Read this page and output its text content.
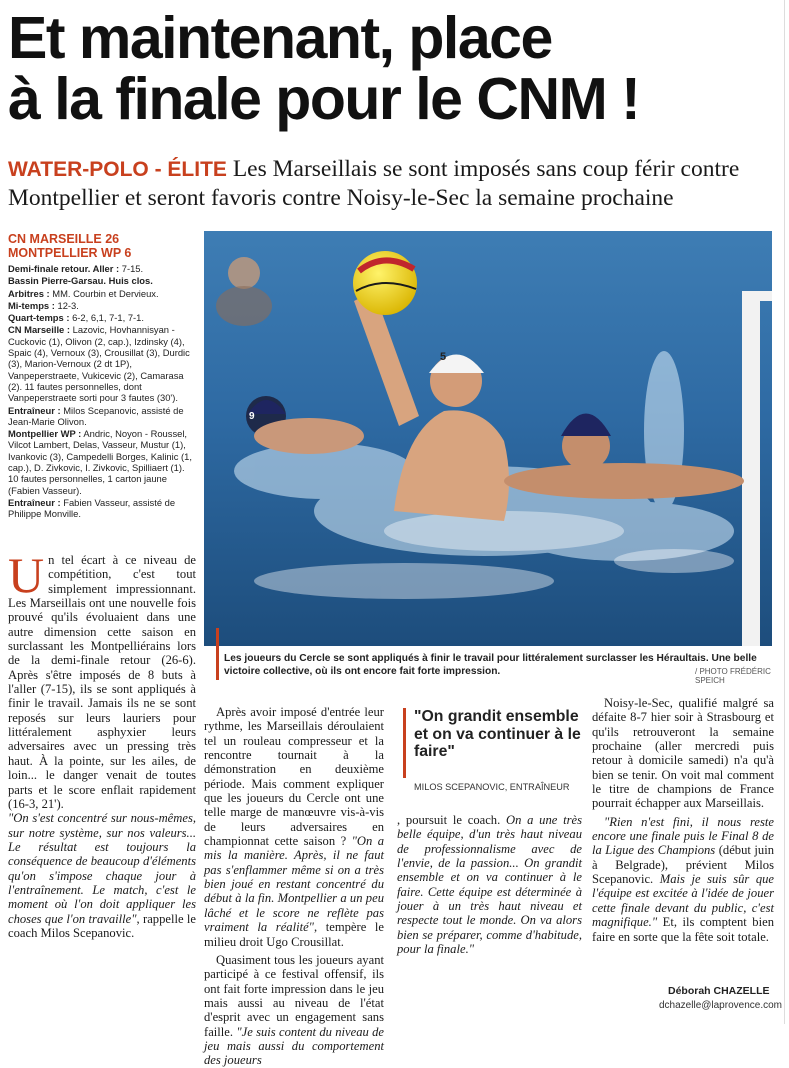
Et maintenant, place
à la finale pour le CNM !
WATER-POLO - ÉLITE Les Marseillais se sont imposés sans coup férir contre Montpellier et seront favoris contre Noisy-le-Sec la semaine prochaine
CN MARSEILLE 26
MONTPELLIER WP 6

Demi-finale retour. Aller : 7-15.

Bassin Pierre-Garsau. Huis clos.

Arbitres : MM. Courbin et Dervieux.

Mi-temps : 12-3.

Quart-temps : 6-2, 6,1, 7-1, 7-1.

CN Marseille : Lazovic, Hovhannisyan - Cuckovic (1), Olivon (2, cap.), Izdinsky (4), Spaic (4), Vernoux (3), Crousillat (3), Durdic (3), Marion-Vernoux (2 dt 1P), Vanpeperstraete, Vukicevic (2), Camarasa (2). 11 fautes personnelles, dont Vanpeperstraete sorti pour 3 fautes (30').

Entraîneur : Milos Scepanovic, assisté de Jean-Marie Olivon.

Montpellier WP : Andric, Noyon - Roussel, Vilcot Lambert, Delas, Vasseur, Mustur (1), Ivankovic (3), Campedelli Borges, Kalinic (1, cap.), D. Zivkovic, I. Zivkovic, Spilliaert (1). 10 fautes personnelles, 1 carton jaune (Fabien Vasseur).

Entraîneur : Fabien Vasseur, assisté de Philippe Monville.

5
9
Les joueurs du Cercle se sont appliqués à finir le travail pour littéralement surclasser les Héraultais. Une belle victoire collective, où ils ont encore fait forte impression.	/ PHOTO FRÉDÉRIC SPEICH
Un tel écart à ce niveau de compétition, c'est tout simplement impressionnant. Les Marseillais ont une nouvelle fois prouvé qu'ils évoluaient dans une autre dimension cette saison en surclassant les Montpelliérains lors de la demi-finale retour (26-6). Après s'être imposés de 8 buts à l'aller (7-15), ils se sont appliqués à finir le travail. Jamais ils ne se sont reposés sur leurs lauriers pour littéralement asphyxier leurs adversaires avec un pressing très haut. À la pointe, sur les ailes, de loin... le danger venait de toutes parts et le score enflait rapidement (16-3, 21').

"On s'est concentré sur nous-mêmes, sur notre système, sur nos valeurs... Le résultat est toujours la conséquence de beaucoup d'éléments qu'on s'impose chaque jour à l'entraînement. Le match, c'est le moment où l'on doit appliquer les choses que l'on travaille", rappelle le coach Milos Scepanovic.

Après avoir imposé d'entrée leur rythme, les Marseillais déroulaient tel un rouleau compresseur et la rencontre tournait à la démonstration en deuxième période. Mais comment expliquer que les joueurs du Cercle ont une telle marge de manœuvre vis-à-vis de leurs adversaires en championnat cette saison ? "On a mis la manière. Après, il ne faut pas s'enflammer même si on a très bien joué en restant concentré du début à la fin. Montpellier a un peu lâché et le score ne reflète pas vraiment la réalité", tempère le milieu droit Ugo Crousillat.

Quasiment tous les joueurs ayant participé à ce festival offensif, ils ont fait forte impression dans le jeu mais aussi au niveau de l'état d'esprit avec un engagement sans faille. "Je suis content du niveau de jeu mais aussi du comportement des joueurs

"On grandit ensemble et on va continuer à le faire"
MILOS SCEPANOVIC, ENTRAÎNEUR

, poursuit le coach. On a une très belle équipe, d'un très haut niveau de professionnalisme avec de l'envie, de la passion... On grandit ensemble et on va continuer à le faire. Cette équipe est déterminée à jouer à un très haut niveau et respecte tout le monde. On va alors bien se préparer, comme d'habitude, pour la finale."

Noisy-le-Sec, qualifié malgré sa défaite 8-7 hier soir à Strasbourg et qu'ils retrouveront la semaine prochaine (aller mercredi puis retour à domicile samedi) n'a qu'à bien se tenir. On voit mal comment le titre de champions de France pourrait échapper aux Marseillais.

"Rien n'est fini, il nous reste encore une finale puis le Final 8 de la Ligue des Champions (début juin à Belgrade), prévient Milos Scepanovic. Mais je suis sûr que l'équipe est excitée à l'idée de jouer cette finale devant du public, c'est magnifique." Et, ils comptent bien faire en sorte que la fête soit totale.

Déborah CHAZELLE
dchazelle@laprovence.com
